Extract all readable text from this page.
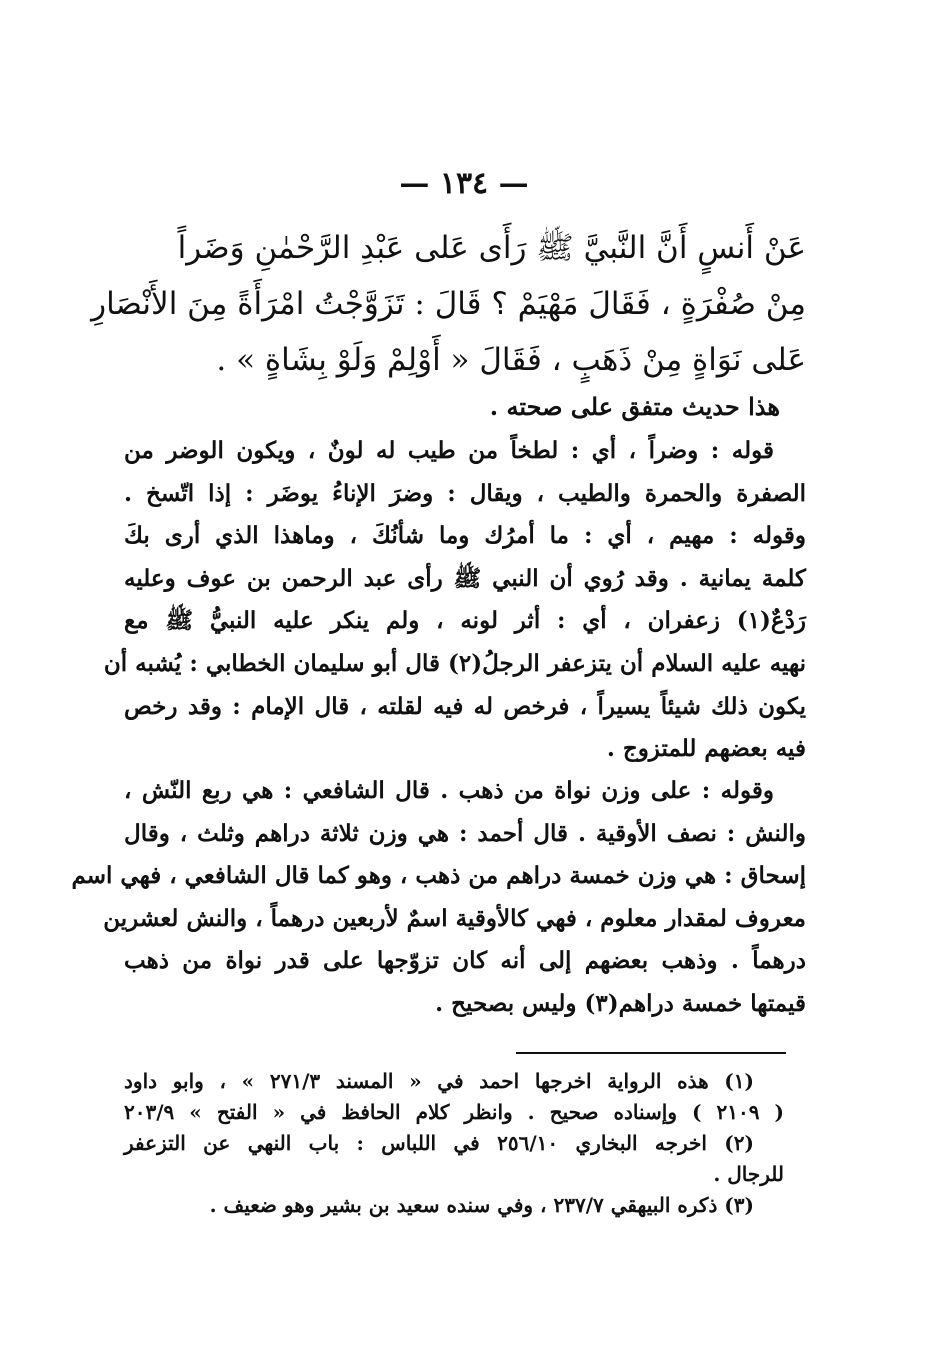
— ١٣٤ —
عَنْ أَنسٍ أَنَّ النَّبيَّ ﷺ رَأَى عَلى عَبْدِ الرَّحْمٰنِ وَضَراً
مِنْ صُفْرَةٍ ، فَقَالَ مَهْيَمْ ؟ قَالَ : تَزَوَّجْتُ امْرَأَةً مِنَ الأَنْصَارِ
عَلى نَوَاةٍ مِنْ ذَهَبٍ ، فَقَالَ « أَوْلِمْ وَلَوْ بِشَاةٍ » .
هذا حديث متفق على صحته .
قوله : وضراً ، أي : لطخاً من طيب له لونٌ ، ويكون الوضر من
الصفرة والحمرة والطيب ، ويقال : وضرَ الإناءُ يوضَر : إذا اتّسخ .
وقوله : مهيم ، أي : ما أمرُك وما شأنُكَ ، وماهذا الذي أرى بكَ
كلمة يمانية . وقد رُوي أن النبي ﷺ رأى عبد الرحمن بن عوف وعليه
رَدْعٌ(١) زعفران ، أي : أثر لونه ، ولم ينكر عليه النبيُّ ﷺ مع
نهيه عليه السلام أن يتزعفر الرجلُ(٢) قال أبو سليمان الخطابي : يُشبه أن
يكون ذلك شيئاً يسيراً ، فرخص له فيه لقلته ، قال الإمام : وقد رخص
فيه بعضهم للمتزوج .
وقوله : على وزن نواة من ذهب . قال الشافعي : هي ربع النّش ،
والنش : نصف الأوقية . قال أحمد : هي وزن ثلاثة دراهم وثلث ، وقال
إسحاق : هي وزن خمسة دراهم من ذهب ، وهو كما قال الشافعي ، فهي اسم
معروف لمقدار معلوم ، فهي كالأوقية اسمٌ لأربعين درهماً ، والنش لعشرين
درهماً . وذهب بعضهم إلى أنه كان تزوّجها على قدر نواة من ذهب
قيمتها خمسة دراهم(٣) وليس بصحيح .
(١) هذه الرواية اخرجها احمد في « المسند ٢٧١/٣ » ، وابو داود
( ٢١٠٩ ) وإسناده صحيح . وانظر كلام الحافظ في « الفتح » ٢٠٣/٩
(٢) اخرجه البخاري ٢٥٦/١٠ في اللباس : باب النهي عن التزعفر
للرجال .
(٣) ذكره البيهقي ٢٣٧/٧ ، وفي سنده سعيد بن بشير وهو ضعيف .
